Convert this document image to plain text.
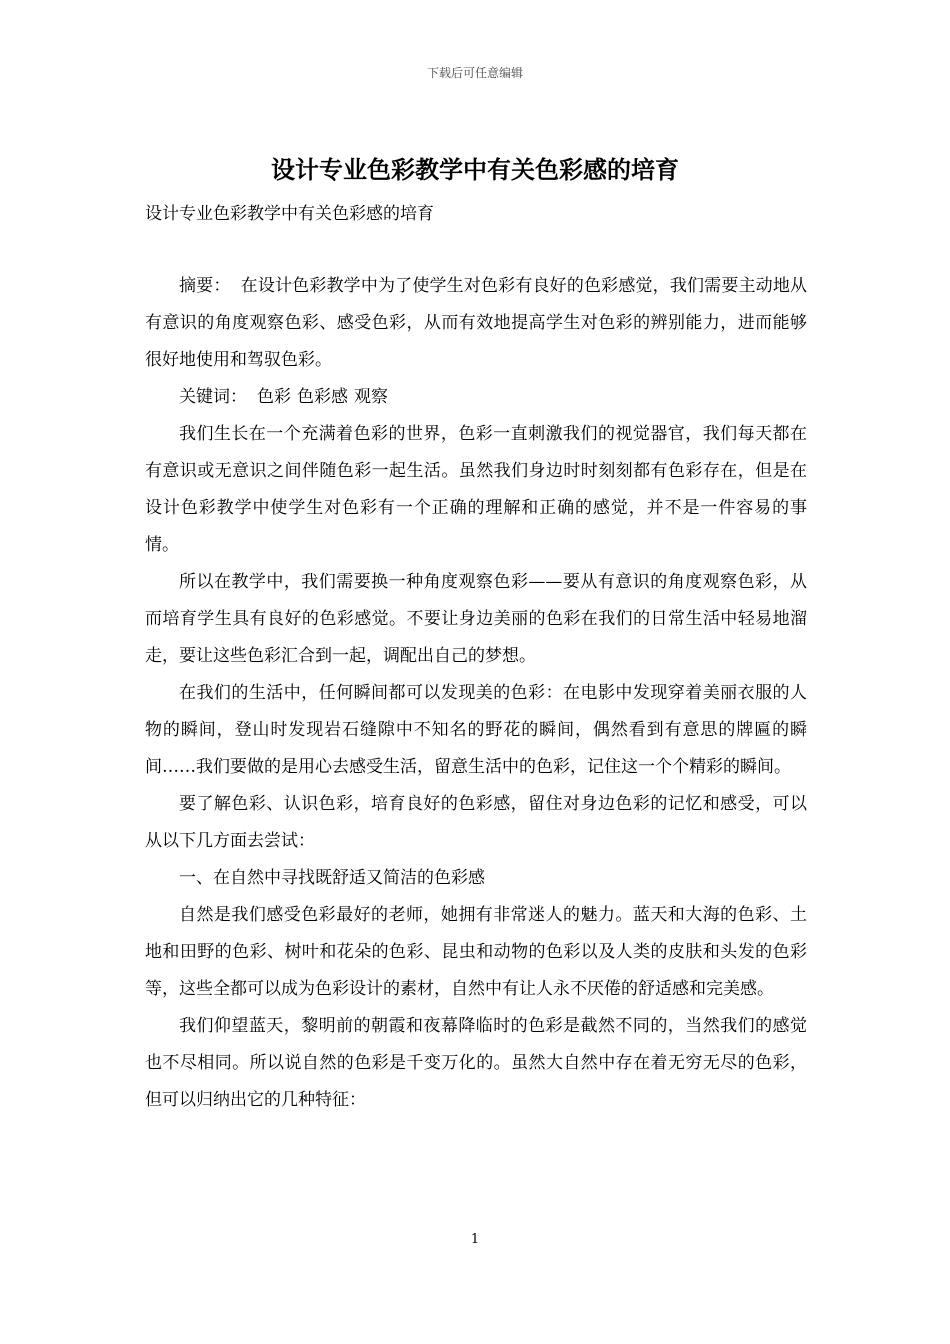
下载后可任意编辑
设计专业色彩教学中有关色彩感的培育
设计专业色彩教学中有关色彩感的培育

摘要： 在设计色彩教学中为了使学生对色彩有良好的色彩感觉，我们需要主动地从有意识的角度观察色彩、感受色彩，从而有效地提高学生对色彩的辨别能力，进而能够很好地使用和驾驭色彩。

关键词： 色彩 色彩感 观察

我们生长在一个充满着色彩的世界，色彩一直刺激我们的视觉器官，我们每天都在有意识或无意识之间伴随色彩一起生活。虽然我们身边时时刻刻都有色彩存在，但是在设计色彩教学中使学生对色彩有一个正确的理解和正确的感觉，并不是一件容易的事情。

所以在教学中，我们需要换一种角度观察色彩——要从有意识的角度观察色彩，从而培育学生具有良好的色彩感觉。不要让身边美丽的色彩在我们的日常生活中轻易地溜走，要让这些色彩汇合到一起，调配出自己的梦想。

在我们的生活中，任何瞬间都可以发现美的色彩：在电影中发现穿着美丽衣服的人物的瞬间，登山时发现岩石缝隙中不知名的野花的瞬间，偶然看到有意思的牌匾的瞬间……我们要做的是用心去感受生活，留意生活中的色彩，记住这一个个精彩的瞬间。

要了解色彩、认识色彩，培育良好的色彩感，留住对身边色彩的记忆和感受，可以从以下几方面去尝试：

一、在自然中寻找既舒适又简洁的色彩感

自然是我们感受色彩最好的老师，她拥有非常迷人的魅力。蓝天和大海的色彩、土地和田野的色彩、树叶和花朵的色彩、昆虫和动物的色彩以及人类的皮肤和头发的色彩等，这些全都可以成为色彩设计的素材，自然中有让人永不厌倦的舒适感和完美感。

我们仰望蓝天，黎明前的朝霞和夜幕降临时的色彩是截然不同的，当然我们的感觉也不尽相同。所以说自然的色彩是千变万化的。虽然大自然中存在着无穷无尽的色彩，但可以归纳出它的几种特征：

1
